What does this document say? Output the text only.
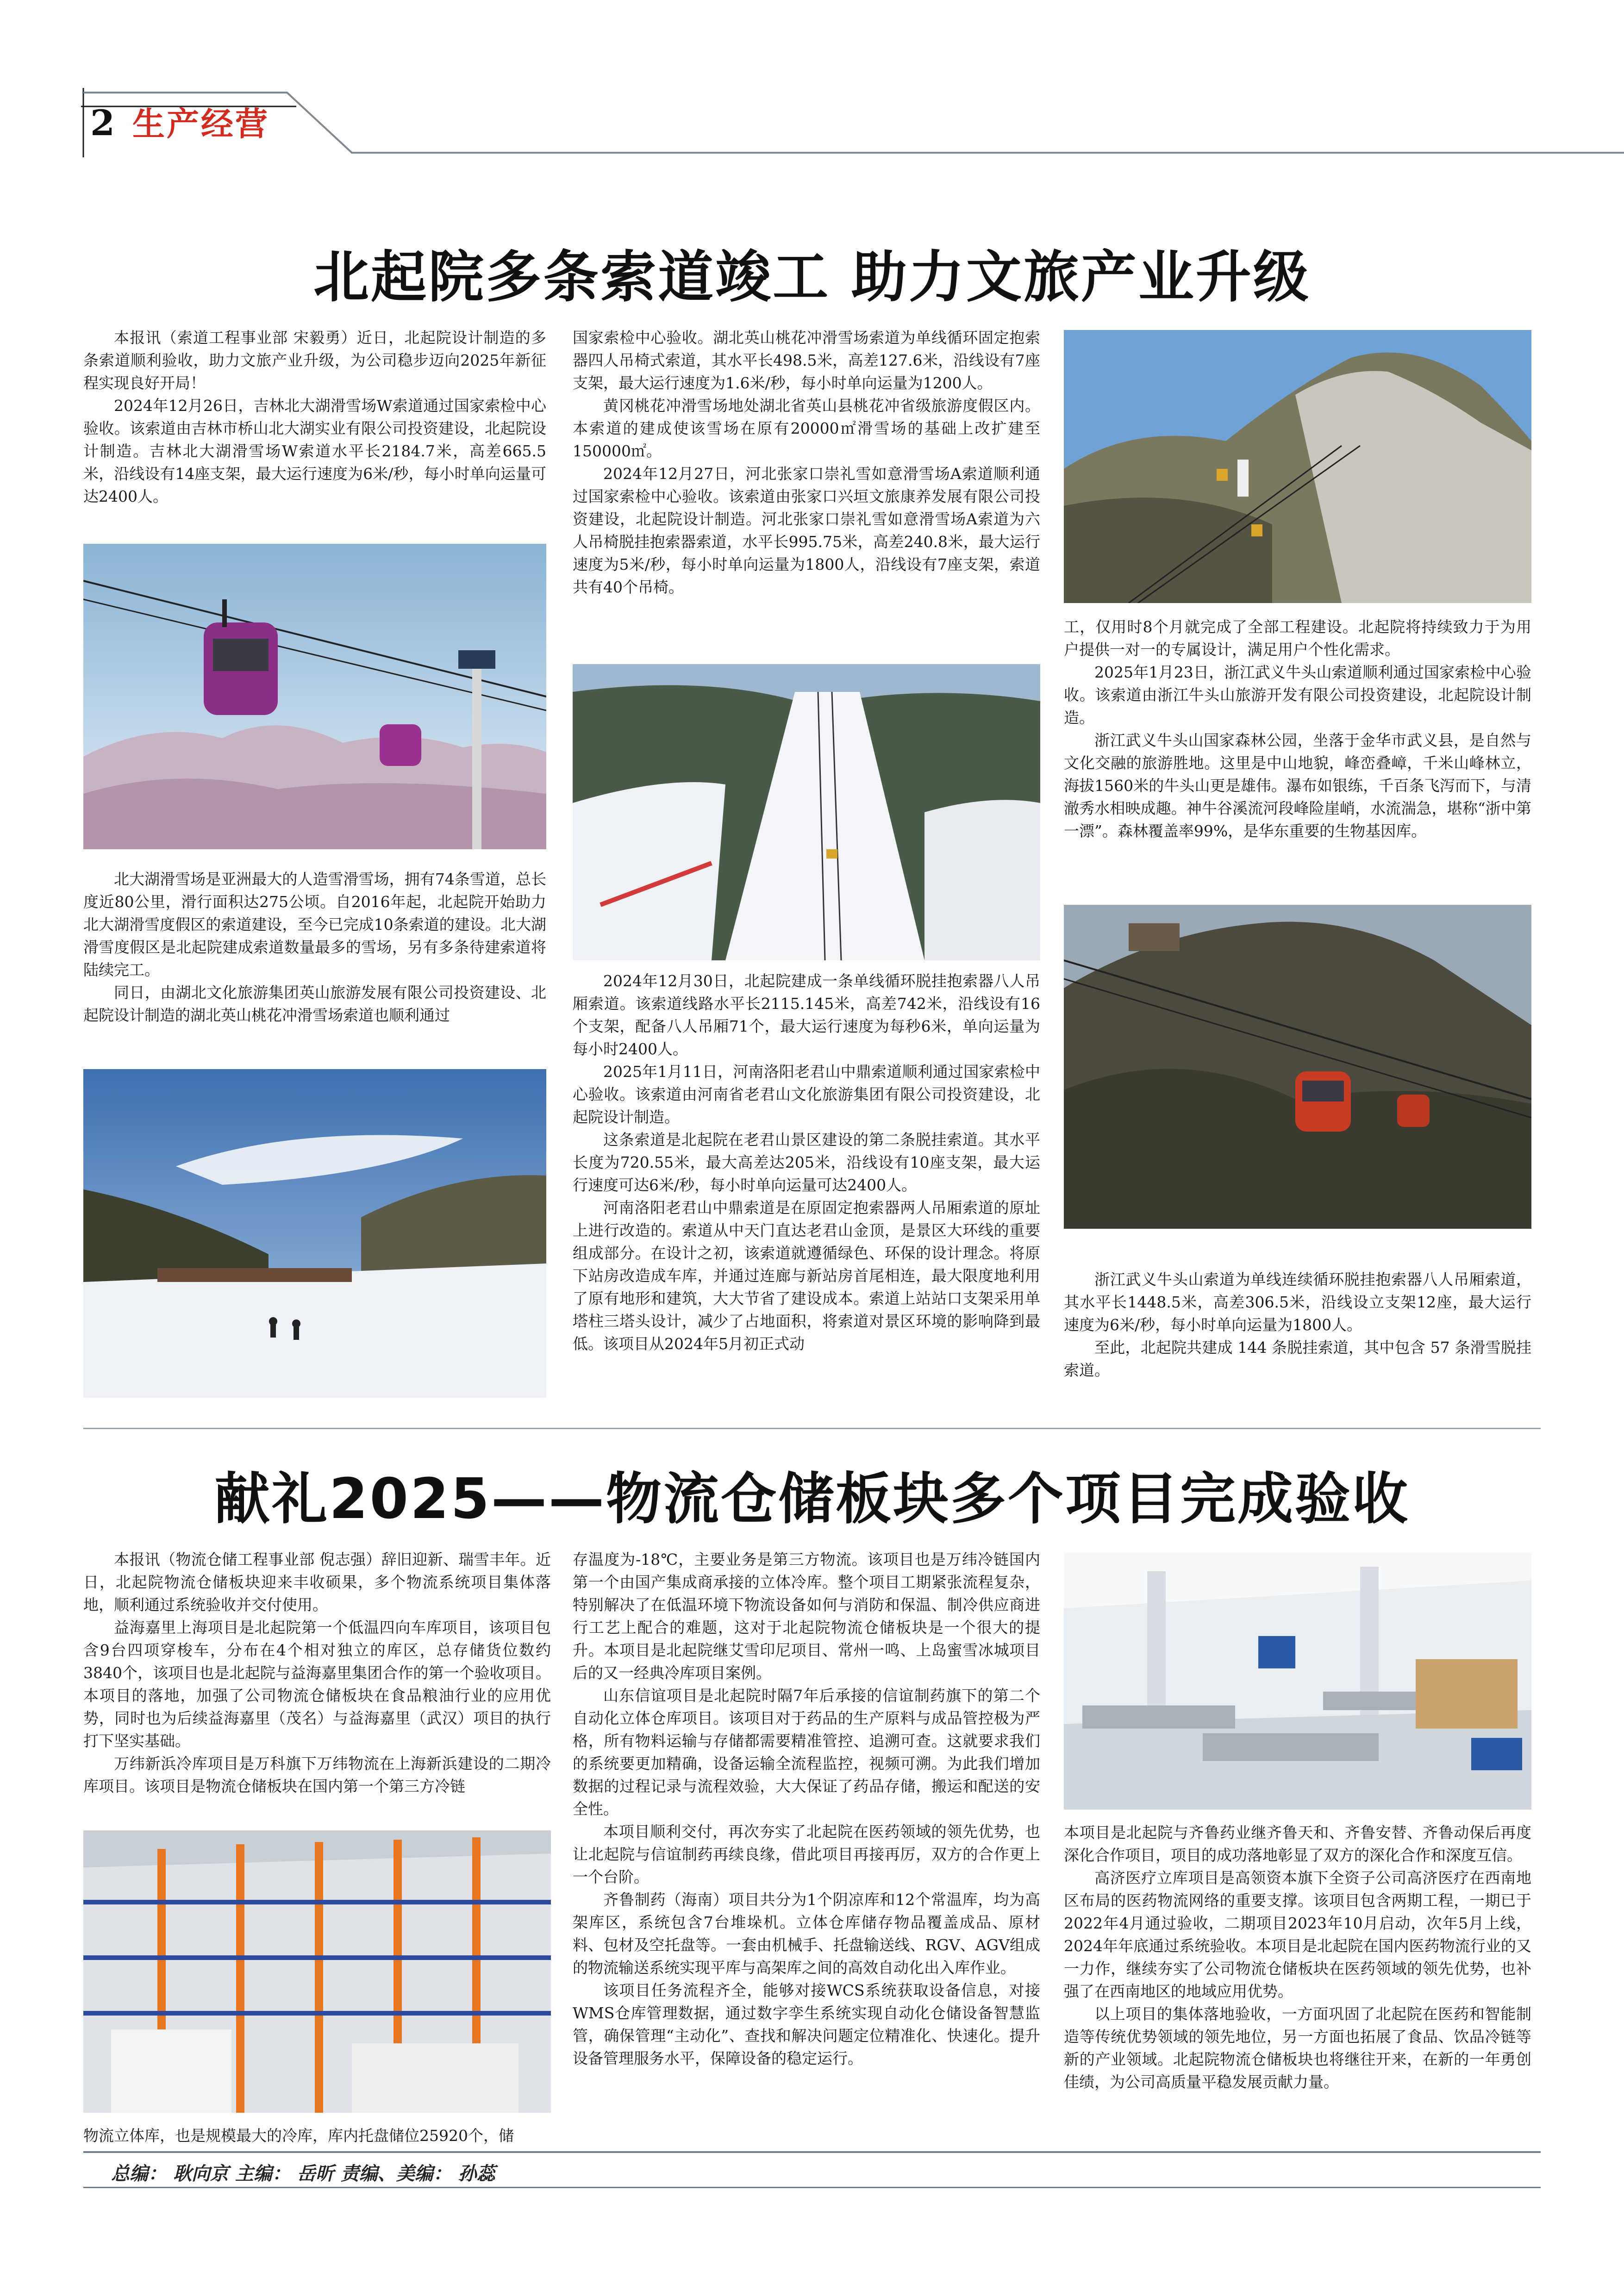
2 生产经营
北起院多条索道竣工 助力文旅产业升级

本报讯（索道工程事业部 宋毅勇）近日，北起院设计制造的多条索道顺利验收，助力文旅产业升级，为公司稳步迈向2025年新征程实现良好开局！

2024年12月26日，吉林北大湖滑雪场W索道通过国家索检中心验收。该索道由吉林市桥山北大湖实业有限公司投资建设，北起院设计制造。吉林北大湖滑雪场W索道水平长2184.7米，高差665.5米，沿线设有14座支架，最大运行速度为6米/秒，每小时单向运量可达2400人。

北大湖滑雪场是亚洲最大的人造雪滑雪场，拥有74条雪道，总长度近80公里，滑行面积达275公顷。自2016年起，北起院开始助力北大湖滑雪度假区的索道建设，至今已完成10条索道的建设。北大湖滑雪度假区是北起院建成索道数量最多的雪场，另有多条待建索道将陆续完工。

同日，由湖北文化旅游集团英山旅游发展有限公司投资建设、北起院设计制造的湖北英山桃花冲滑雪场索道也顺利通过

国家索检中心验收。湖北英山桃花冲滑雪场索道为单线循环固定抱索器四人吊椅式索道，其水平长498.5米，高差127.6米，沿线设有7座支架，最大运行速度为1.6米/秒，每小时单向运量为1200人。

黄冈桃花冲滑雪场地处湖北省英山县桃花冲省级旅游度假区内。本索道的建成使该雪场在原有20000㎡滑雪场的基础上改扩建至150000㎡。

2024年12月27日，河北张家口崇礼雪如意滑雪场A索道顺利通过国家索检中心验收。该索道由张家口兴垣文旅康养发展有限公司投资建设，北起院设计制造。河北张家口崇礼雪如意滑雪场A索道为六人吊椅脱挂抱索器索道，水平长995.75米，高差240.8米，最大运行速度为5米/秒，每小时单向运量为1800人，沿线设有7座支架，索道共有40个吊椅。

2024年12月30日，北起院建成一条单线循环脱挂抱索器八人吊厢索道。该索道线路水平长2115.145米，高差742米，沿线设有16个支架，配备八人吊厢71个，最大运行速度为每秒6米，单向运量为每小时2400人。

2025年1月11日，河南洛阳老君山中鼎索道顺利通过国家索检中心验收。该索道由河南省老君山文化旅游集团有限公司投资建设，北起院设计制造。

这条索道是北起院在老君山景区建设的第二条脱挂索道。其水平长度为720.55米，最大高差达205米，沿线设有10座支架，最大运行速度可达6米/秒，每小时单向运量可达2400人。

河南洛阳老君山中鼎索道是在原固定抱索器两人吊厢索道的原址上进行改造的。索道从中天门直达老君山金顶，是景区大环线的重要组成部分。在设计之初，该索道就遵循绿色、环保的设计理念。将原下站房改造成车库，并通过连廊与新站房首尾相连，最大限度地利用了原有地形和建筑，大大节省了建设成本。索道上站站口支架采用单塔柱三塔头设计，减少了占地面积，将索道对景区环境的影响降到最低。该项目从2024年5月初正式动

工，仅用时8个月就完成了全部工程建设。北起院将持续致力于为用户提供一对一的专属设计，满足用户个性化需求。

2025年1月23日，浙江武义牛头山索道顺利通过国家索检中心验收。该索道由浙江牛头山旅游开发有限公司投资建设，北起院设计制造。

浙江武义牛头山国家森林公园，坐落于金华市武义县，是自然与文化交融的旅游胜地。这里是中山地貌，峰峦叠嶂，千米山峰林立，海拔1560米的牛头山更是雄伟。瀑布如银练，千百条飞泻而下，与清澈秀水相映成趣。神牛谷溪流河段峰险崖峭，水流湍急，堪称“浙中第一漂”。森林覆盖率99%，是华东重要的生物基因库。

浙江武义牛头山索道为单线连续循环脱挂抱索器八人吊厢索道，其水平长1448.5米，高差306.5米，沿线设立支架12座，最大运行速度为6米/秒，每小时单向运量为1800人。

至此，北起院共建成 144 条脱挂索道，其中包含 57 条滑雪脱挂索道。

献礼2025——物流仓储板块多个项目完成验收

本报讯（物流仓储工程事业部 倪志强）辞旧迎新、瑞雪丰年。近日，北起院物流仓储板块迎来丰收硕果，多个物流系统项目集体落地，顺利通过系统验收并交付使用。

益海嘉里上海项目是北起院第一个低温四向车库项目，该项目包含9台四项穿梭车，分布在4个相对独立的库区，总存储货位数约3840个，该项目也是北起院与益海嘉里集团合作的第一个验收项目。本项目的落地，加强了公司物流仓储板块在食品粮油行业的应用优势，同时也为后续益海嘉里（茂名）与益海嘉里（武汉）项目的执行打下坚实基础。

万纬新浜冷库项目是万科旗下万纬物流在上海新浜建设的二期冷库项目。该项目是物流仓储板块在国内第一个第三方冷链

物流立体库，也是规模最大的冷库，库内托盘储位25920个，储

存温度为-18℃，主要业务是第三方物流。该项目也是万纬冷链国内第一个由国产集成商承接的立体冷库。整个项目工期紧张流程复杂，特别解决了在低温环境下物流设备如何与消防和保温、制冷供应商进行工艺上配合的难题，这对于北起院物流仓储板块是一个很大的提升。本项目是北起院继艾雪印尼项目、常州一鸣、上岛蜜雪冰城项目后的又一经典冷库项目案例。

山东信谊项目是北起院时隔7年后承接的信谊制药旗下的第二个自动化立体仓库项目。该项目对于药品的生产原料与成品管控极为严格，所有物料运输与存储都需要精准管控、追溯可查。这就要求我们的系统要更加精确，设备运输全流程监控，视频可溯。为此我们增加数据的过程记录与流程效验，大大保证了药品存储，搬运和配送的安全性。

本项目顺利交付，再次夯实了北起院在医药领域的领先优势，也让北起院与信谊制药再续良缘，借此项目再接再厉，双方的合作更上一个台阶。

齐鲁制药（海南）项目共分为1个阴凉库和12个常温库，均为高架库区，系统包含7台堆垛机。立体仓库储存物品覆盖成品、原材料、包材及空托盘等。一套由机械手、托盘输送线、RGV、AGV组成的物流输送系统实现平库与高架库之间的高效自动化出入库作业。

该项目任务流程齐全，能够对接WCS系统获取设备信息，对接WMS仓库管理数据，通过数字孪生系统实现自动化仓储设备智慧监管，确保管理“主动化”、查找和解决问题定位精准化、快速化。提升设备管理服务水平，保障设备的稳定运行。

本项目是北起院与齐鲁药业继齐鲁天和、齐鲁安替、齐鲁动保后再度深化合作项目，项目的成功落地彰显了双方的深化合作和深度互信。

高济医疗立库项目是高领资本旗下全资子公司高济医疗在西南地区布局的医药物流网络的重要支撑。该项目包含两期工程，一期已于2022年4月通过验收，二期项目2023年10月启动，次年5月上线，2024年年底通过系统验收。本项目是北起院在国内医药物流行业的又一力作，继续夯实了公司物流仓储板块在医药领域的领先优势，也补强了在西南地区的地域应用优势。

以上项目的集体落地验收，一方面巩固了北起院在医药和智能制造等传统优势领域的领先地位，另一方面也拓展了食品、饮品冷链等新的产业领域。北起院物流仓储板块也将继往开来，在新的一年勇创佳绩，为公司高质量平稳发展贡献力量。

总编： 耿向京 主编： 岳昕 责编、美编： 孙蕊
